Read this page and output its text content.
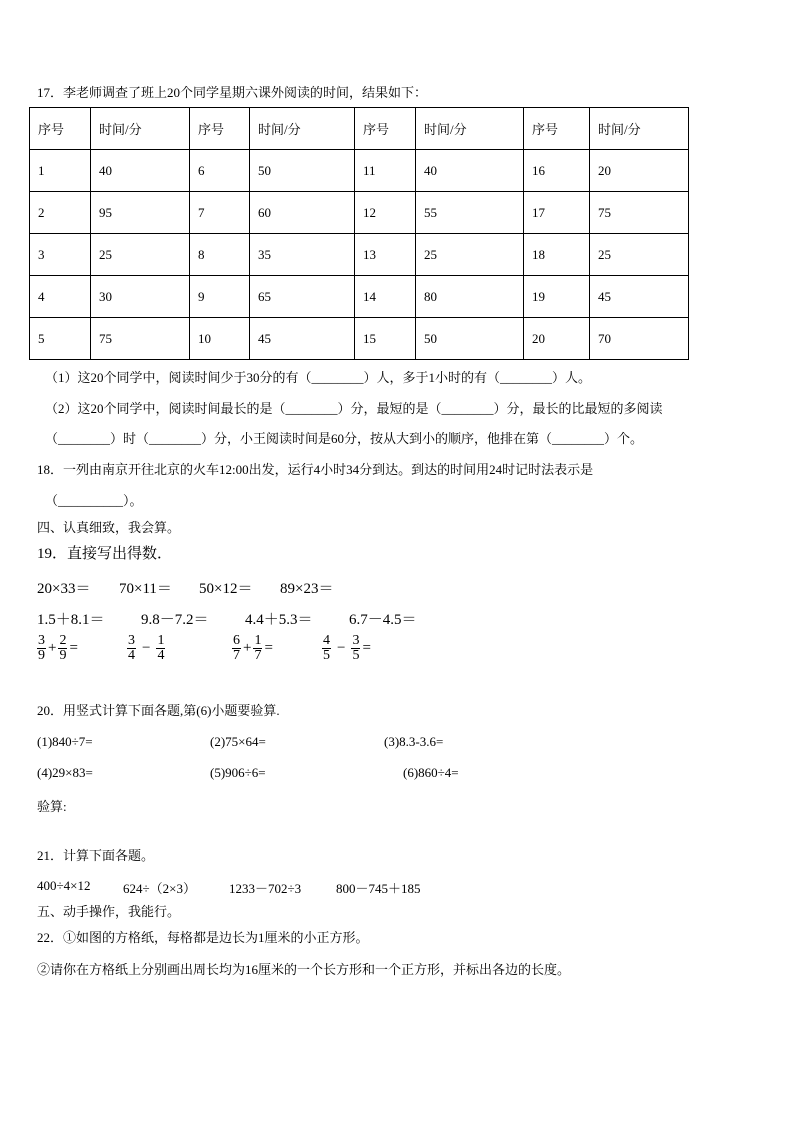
17．李老师调查了班上20个同学星期六课外阅读的时间，结果如下：
序号	时间/分	序号	时间/分	序号	时间/分	序号	时间/分
1	40	6	50	11	40	16	20
2	95	7	60	12	55	17	75
3	25	8	35	13	25	18	25
4	30	9	65	14	80	19	45
5	75	10	45	15	50	20	70
（1）这20个同学中，阅读时间少于30分的有（________）人，多于1小时的有（________）人。
（2）这20个同学中，阅读时间最长的是（________）分，最短的是（________）分，最长的比最短的多阅读
（________）时（________）分，小王阅读时间是60分，按从大到小的顺序，他排在第（________）个。
18．一列由南京开往北京的火车12:00出发，运行4小时34分到达。到达的时间用24时记时法表示是
（__________）。
四、认真细致，我会算。
19．直接写出得数．
20×33＝ 70×11＝ 50×12＝ 89×23＝
1.5＋8.1＝ 9.8－7.2＝ 4.4＋5.3＝ 6.7－4.5＝
$\frac{3}{9} + \frac{2}{9}$ =	$\frac{3}{4} - \frac{1}{4}$	$\frac{6}{7} + \frac{1}{7}$ =	$\frac{4}{5} - \frac{3}{5}$ =
20．用竖式计算下面各题,第(6)小题要验算.
(1)840÷7=	(2)75×64=	(3)8.3-3.6=
(4)29×83=	(5)906÷6=	(6)860÷4=
验算:
21．计算下面各题。
400÷4×12	624÷（2×3）	1233－702÷3	800－745＋185
五、动手操作，我能行。
22．①如图的方格纸，每格都是边长为1厘米的小正方形。
②请你在方格纸上分别画出周长均为16厘米的一个长方形和一个正方形，并标出各边的长度。
